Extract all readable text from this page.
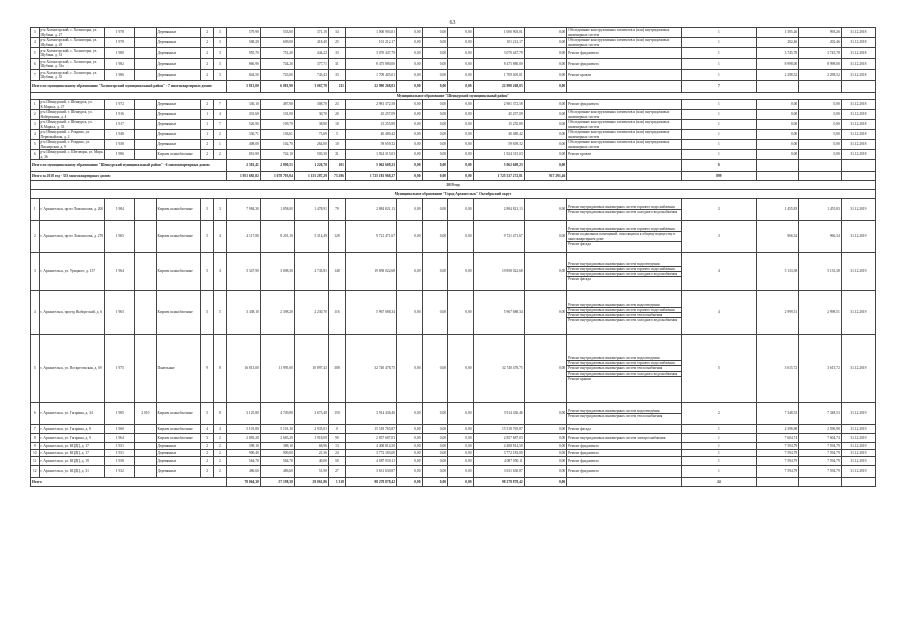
63
3	р-н Холмогорский, с. Холмогоры, ул. Шубина, д. 27	1 978		Деревянные	2	3	579,90	533,00	371,10	34	1 000 903,01	0,00	0,00	0,00	1 000 903,01	0,00	Обследование конструктивных элементов и (или) внутридомовых инженерных систем	1	1 505,26	993,26	31.12.2018
4	р-н Холмогорский, с. Холмогоры, ул. Шубина, д. 29	1 978		Деревянные	2	3	568,20	609,00	418,40	25	101 212,17	0,00	0,00	0,00	101 212,17	0,00	Обследование конструктивных элементов и (или) внутридомовых инженерных систем	1	202,46	202,46	31.12.2018
5	р-н Холмогорский, с. Холмогоры, ул. Шубина, д. 33	1 980		Деревянные	2	3	955,70	751,20	444,22	33	3 070 447,79	0,00	0,00	0,00	3 070 447,79	0,00	Ремонт фундамента	1	3 745,78	3 745,78	31.12.2018
6	р-н Холмогорский, с. Холмогоры, ул. Шубина, д. 33а	1 982		Деревянные	2	3	866,90	744,20	377,71	31	8 475 880,00	0,00	0,00	0,00	8 475 880,00	0,00	Ремонт фундамента	1	8 998,00	8 998,00	31.12.2018
7	р-н Холмогорский, с. Холмогоры, ул. Шубина, д. 35	1 986		Деревянные	2	3	844,50	743,00	743,43	33	1 709 405,01	0,00	0,00	0,00	1 709 405,01	0,00	Ремонт кровли	1	2 298,52	2 298,52	31.12.2018
Итого по муниципальному образованию "Холмогорский муниципальный район" - 7 многоквартирных домов:							5 813,00	6 081,90	3 067,79	211	22 990 268,03	0,00	0,00	0,00	22 990 268,03	0,00		7			
Муниципальное образование "Шенкурский муниципальный район"																					
1	р-н Шенкурский, г. Шенкурск, ул. К.Маркса, д. 27	1 972		Деревянные	2	7	336,10	487,80	308,70	23	2 981 372,58	0,00	0,00	0,00	2 981 372,58	0,00	Ремонт фундамента	1	0,00	0,00	31.12.2018
2	р-н Шенкурский, г. Шенкурск, ул. Набережная, д. 4	1 916		Деревянные	1	4	301,60	101,00	30,70	20	45 257,09	0,00	0,00	0,00	45 257,09	0,00	Обследование конструктивных элементов и (или) внутридомовых инженерных систем	1	0,00	0,00	31.12.2018
3	р-н Шенкурский, г. Шенкурск, ул. К.Маркса, д. 33	1 917		Деревянные	1	7	526,90	109,70	38,80	10	15 255,89	0,00	0,00	0,00	15 255,89	0,00	Обследование конструктивных элементов и (или) внутридомовых инженерных систем	1	0,00	0,00	31.12.2018
4	р-н Шенкурский, с. Ровдино, ул. Первомайская, д. 2	1 948		Деревянные	1	2	336,71	136,61	73,69	5	40 480,42	0,00	0,00	0,00	40 480,42	0,00	Обследование конструктивных элементов и (или) внутридомовых инженерных систем	1	0,00	0,00	31.12.2018
5	р-н Шенкурский, с. Ровдино, ул. Пионерская, д. 9	1 938		Деревянные	2	1	408,00	102,70	264,00	10	59 659,32	0,00	0,00	0,00	59 659,32	0,00	Обследование конструктивных элементов и (или) внутридомовых инженерных систем	1	0,00	0,00	31.12.2018
6	р-н Шенкурский, с. Шеговары, ул. Мира, д. 36	1 986		Кирпич шлакоблочные	2	2	816,90	742,10	503,30	31	1 924 315,03	0,00	0,00	0,00	1 924 315,03	0,00	Ремонт кровли	1	0,00	0,00	31.12.2018
Итого по муниципальному образованию "Шенкурский муниципальный район" - 6 многоквартирных домов:							2 381,41	2 090,51	1 226,70	101	5 062 609,23	0,00	0,00	0,00	5 062 609,23	0,00		6			
Итого за 2018 год - 353 многоквартирных домов:							1 951 685,82	1 678 703,04	1 155 287,29	75 296	1 725 183 968,27	0,00	0,00	0,00	1 725 537 272,81	917 291,46		899			
2019 год																					
Муниципальное образование "Город Архангельск" Октябрьский округ																					
1	г. Архангельск, пр-кт Ломоносова, д. 200	1 984		Кирпич шлакоблочные	5	3	7 984,30	1 858,00	1 478,91	79	2 884 821,13	0,00	0,00	0,00	2 884 821,13	0,00	Ремонт внутридомовых инженерных систем горячего водоснабжения
Ремонт внутридомовых инженерных систем холодного водоснабжения	2	1 455,83	1 455,83	31.12.2019
2	г. Архангельск, пр-кт Ломоносова, д. 278	1 965		Кирпич шлакоблочные	5	4	4 117,80	8 201,10	5 314,49	128	9 721 471,67	0,00	0,00	0,00	9 721 471,67	0,00	Ремонт внутридомовых инженерных систем горячего водоснабжения
Ремонт подвальных помещений, относящихся к общему имуществу в многоквартирном доме
Ремонт фасада	3	966,34	966,34	31.12.2019
3	г. Архангельск, ул. Урицкого, д. 157	1 964		Кирпич шлакоблочные	5	4	5 347,90	3 008,30	2 743,81	148	19 858 022,68	0,00	0,00	0,00	19 858 022,68	0,00	Ремонт внутридомовых инженерных систем водоотведения
Ремонт внутридомовых инженерных систем горячего водоснабжения
Ремонт внутридомовых инженерных систем холодного водоснабжения
Ремонт фасада	4	5 133,38	5 133,38	31.12.2019
4	г. Архангельск, проезд Выборгский, д. 6	1 965		Кирпич шлакоблочные	5	5	3 438,10	2 398,20	2 230,70	116	5 967 688,34	0,00	0,00	0,00	5 967 688,34	0,00	Ремонт внутридомовых инженерных систем водоотведения
Ремонт внутридомовых инженерных систем горячего водоснабжения
Ремонт внутридомовых инженерных систем теплоснабжения
Ремонт внутридомовых инженерных систем холодного водоснабжения	4	2 999,51	2 998,51	31.12.2019
5	г. Архангельск, ул. Воскресенская, д. 69	1 975		Панельные	9	8	16 813,00	11 995,00	10 897,43	308	32 740 478,75	0,00	0,00	0,00	32 740 478,75	0,00	Ремонт внутридомовых инженерных систем водоотведения
Ремонт внутридомовых инженерных систем горячего водоснабжения
Ремонт внутридомовых инженерных систем теплоснабжения
Ремонт внутридомовых инженерных систем холодного водоснабжения
Ремонт крыши	5	3 615,72	3 615,72	31.12.2019
6	г. Архангельск, ул. Гагарина, д. 34	1 985	2 010	Кирпич шлакоблочные	5	8	3 125,80	4 749,80	3 673,40	150	3 914 436,46	0,00	0,00	0,00	3 914 436,46	0,00	Ремонт внутридомовых инженерных систем водоотведения
Ремонт внутридомовых инженерных систем теплоснабжения	2	7 348,53	7 348,53	31.12.2019
7	г. Архангельск, ул. Гагарина, д. 8	1 960		Кирпич шлакоблочные	4	4	5 101,80	5 101,10	2 935,01	0	15 518 765,87	0,00	0,00	0,00	15 518 765,87	0,00	Ремонт фасада	1	2 596,98	2 596,98	31.12.2019
8	г. Архангельск, ул. Гагарина, д. 9	1 964		Кирпич шлакоблочные	5	2	2 883,20	2 683,20	1 918,09	90	2 857 687,03	0,00	0,00	0,00	2 857 687,03	0,00	Ремонт внутридомовых инженерных систем электроснабжения	1	7 604,74	7 604,74	31.12.2019
9	г. Архангельск, ул. КЦДЦ, д. 17	1 931		Деревянные	2	2	398,10	388,10	68,96	13	4 408 814,50	0,00	0,00	0,00	4 408 814,50	0,00	Ремонт фундамента	1	7 594,79	7 594,79	31.12.2019
10	г. Архангельск, ул. КЦДЦ, д. 17	1 931		Деревянные	2	2	900,40	900,00	21,36	24	3 772 183,00	0,00	0,00	0,00	3 772 183,00	0,00	Ремонт фундамента	1	7 594,79	7 594,79	31.12.2019
11	г. Архангельск, ул. КЦДЦ, д. 19	1 938		Деревянные	2	2	564,70	564,70	40,00	50	4 087 050,11	0,00	0,00	0,00	4 087 050,11	0,00	Ремонт фундамента	1	7 594,79	7 594,79	31.12.2019
12	г. Архангельск, ул. КЦДЦ, д. 31	1 932		Деревянные	2	2	486,60	486,60	51,90	27	3 631 630,87	0,00	0,00	0,00	3 631 630,87	0,00	Ремонт фундамента	1	7 594,79	7 594,79	31.12.2019
Итого							78 064,30	57 198,30	29 061,86	1 318	98 278 878,42	0,00	0,00	0,00	98 278 878,42	0,00		24			
